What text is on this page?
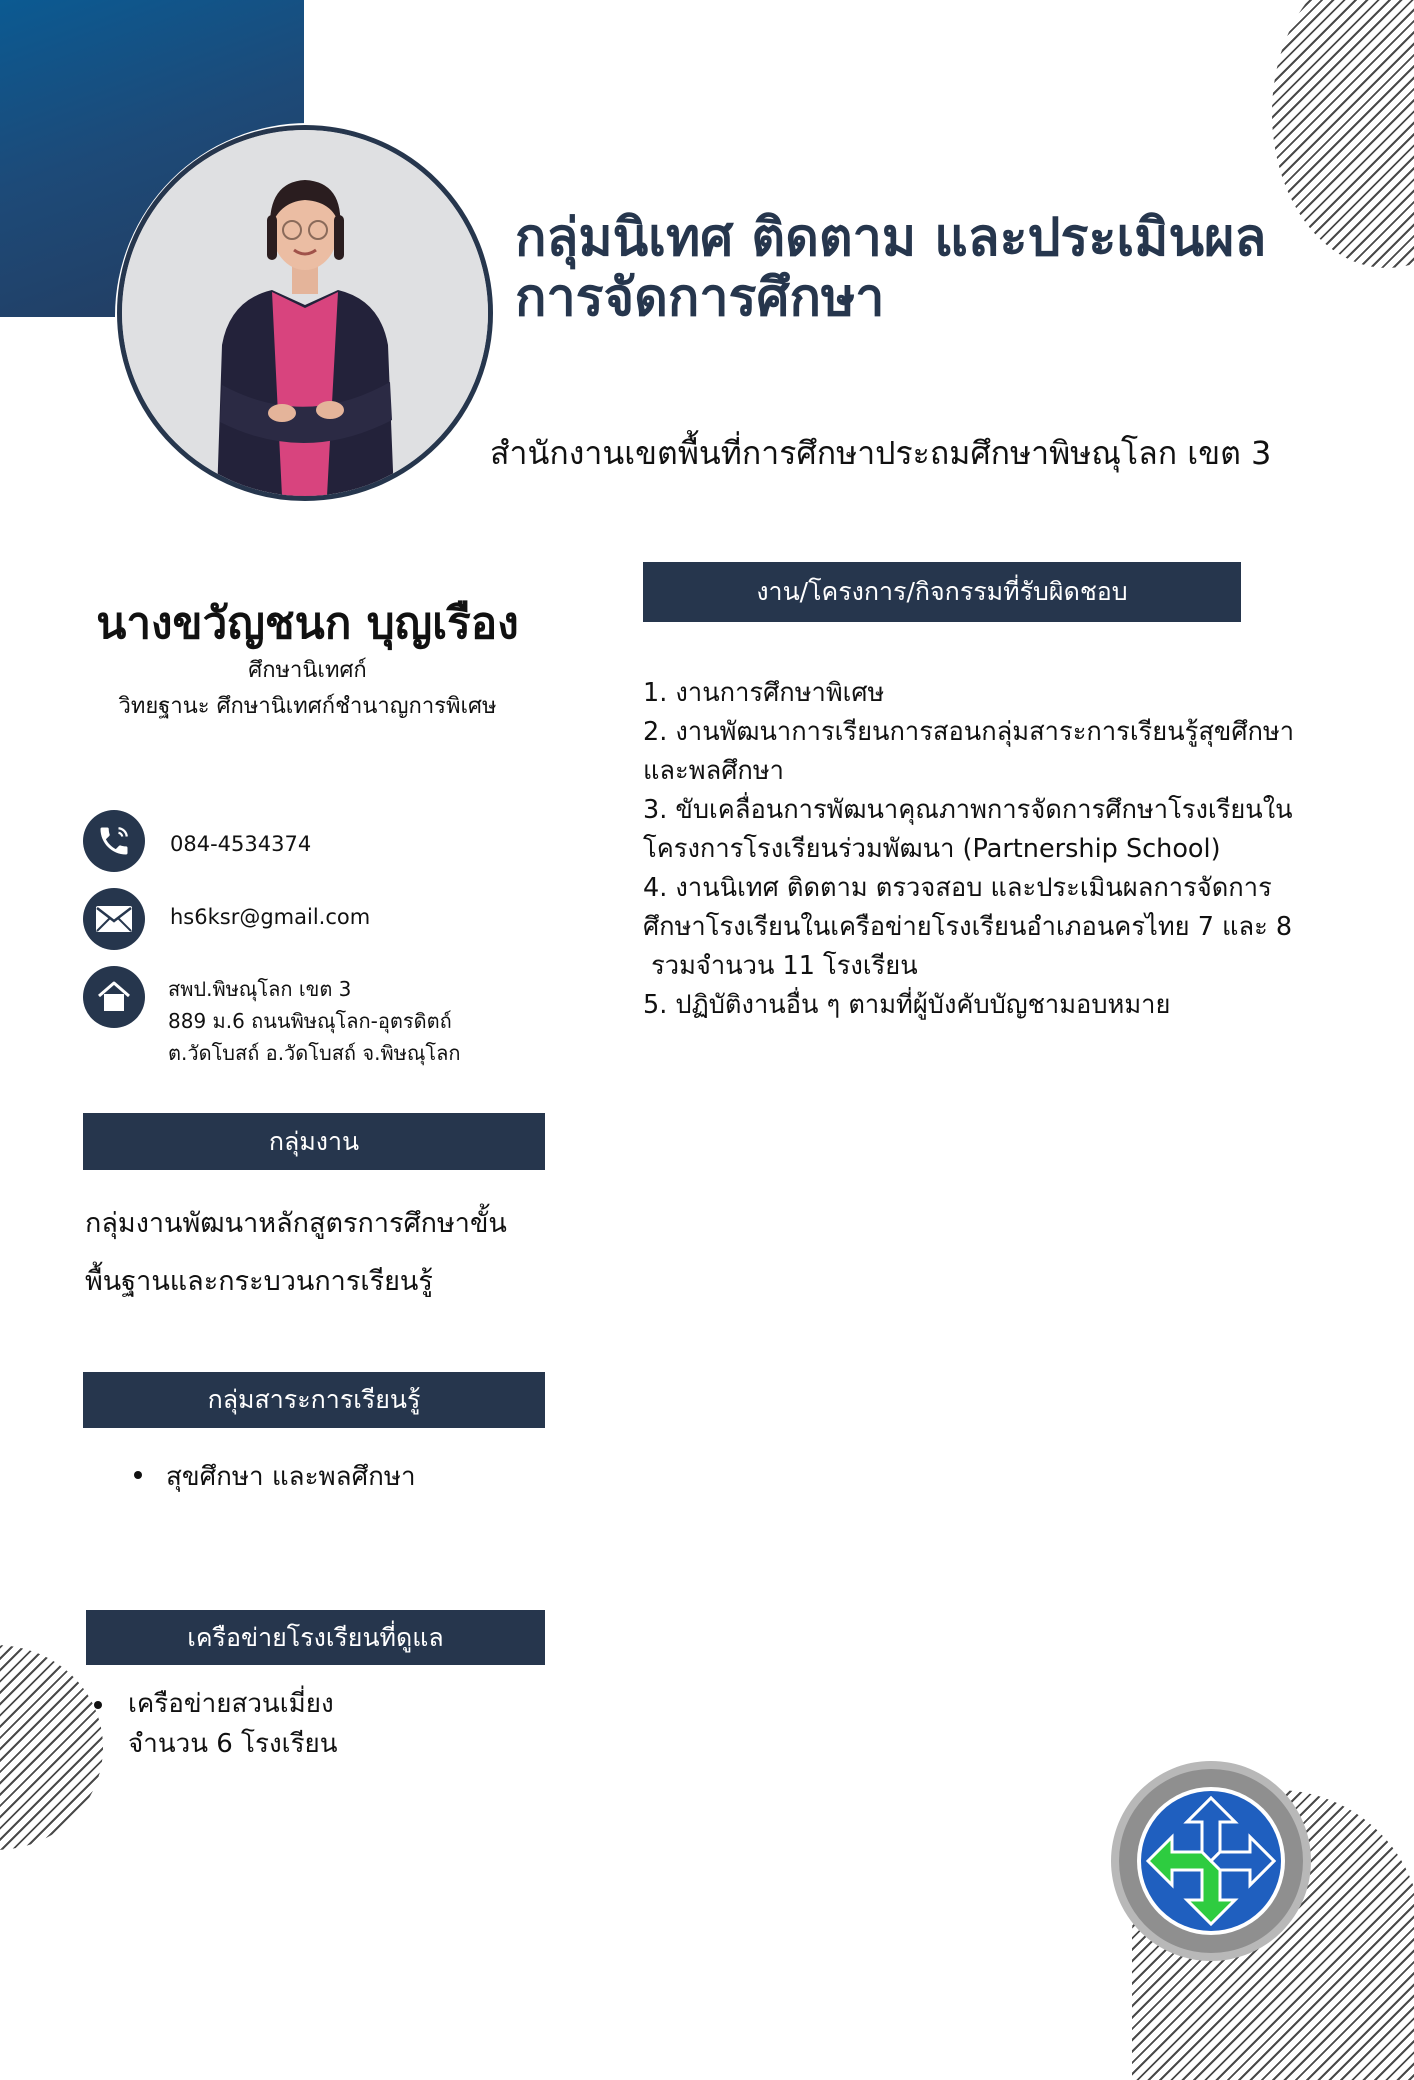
กลุ่มนิเทศ ติดตาม และประเมินผล
การจัดการศึกษา

สำนักงานเขตพื้นที่การศึกษาประถมศึกษาพิษณุโลก เขต 3

นางขวัญชนก บุญเรือง
ศึกษานิเทศก์
วิทยฐานะ ศึกษานิเทศก์ชำนาญการพิเศษ
084-4534374
hs6ksr@gmail.com
สพป.พิษณุโลก เขต 3
889 ม.6 ถนนพิษณุโลก-อุตรดิตถ์
ต.วัดโบสถ์ อ.วัดโบสถ์ จ.พิษณุโลก
กลุ่มงาน
กลุ่มงานพัฒนาหลักสูตรการศึกษาขั้น
พื้นฐานและกระบวนการเรียนรู้
กลุ่มสาระการเรียนรู้
สุขศึกษา และพลศึกษา
เครือข่ายโรงเรียนที่ดูแล
เครือข่ายสวนเมี่ยง
จำนวน 6 โรงเรียน
งาน/โครงการ/กิจกรรมที่รับผิดชอบ
1. งานการศึกษาพิเศษ
2. งานพัฒนาการเรียนการสอนกลุ่มสาระการเรียนรู้สุขศึกษา
และพลศึกษา
3. ขับเคลื่อนการพัฒนาคุณภาพการจัดการศึกษาโรงเรียนใน
โครงการโรงเรียนร่วมพัฒนา (Partnership School)
4. งานนิเทศ ติดตาม ตรวจสอบ และประเมินผลการจัดการ
ศึกษาโรงเรียนในเครือข่ายโรงเรียนอำเภอนครไทย 7 และ 8
รวมจำนวน 11 โรงเรียน
5. ปฏิบัติงานอื่น ๆ ตามที่ผู้บังคับบัญชามอบหมาย
